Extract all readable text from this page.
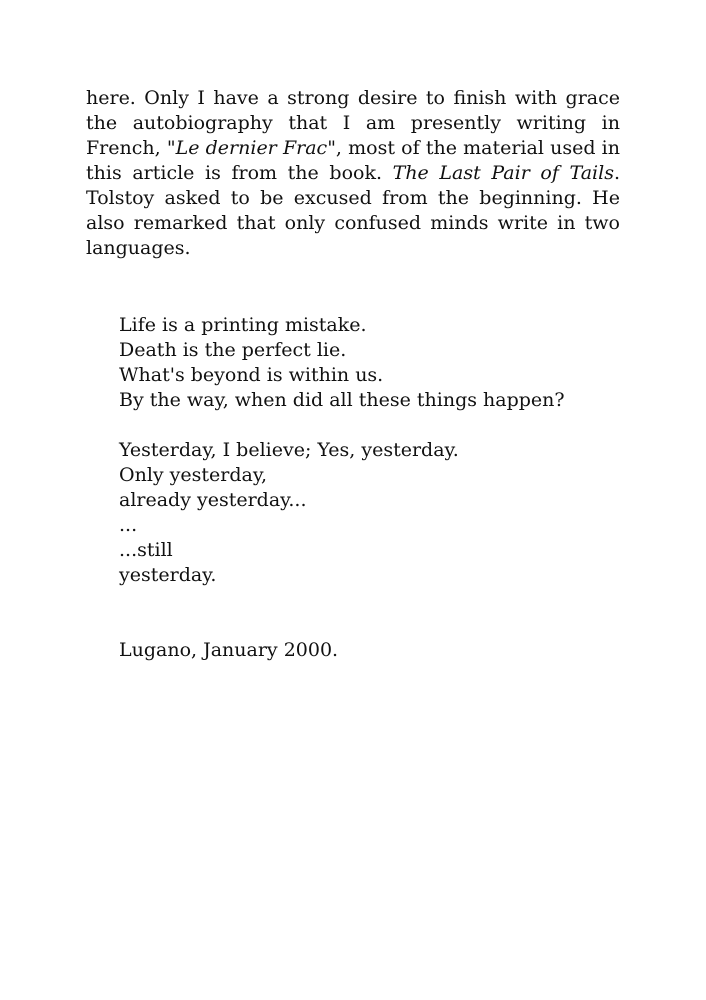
here. Only I have a strong desire to finish with grace the autobiography that I am presently writing in French, "Le dernier Frac", most of the material used in this article is from the book. The Last Pair of Tails. Tolstoy asked to be excused from the beginning. He also remarked that only confused minds write in two languages.

Life is a printing mistake.
Death is the perfect lie.
What's beyond is within us.
By the way, when did all these things happen?
Yesterday, I believe; Yes, yesterday.
Only yesterday,
already yesterday...
...
...still
yesterday.

Lugano, January 2000.
